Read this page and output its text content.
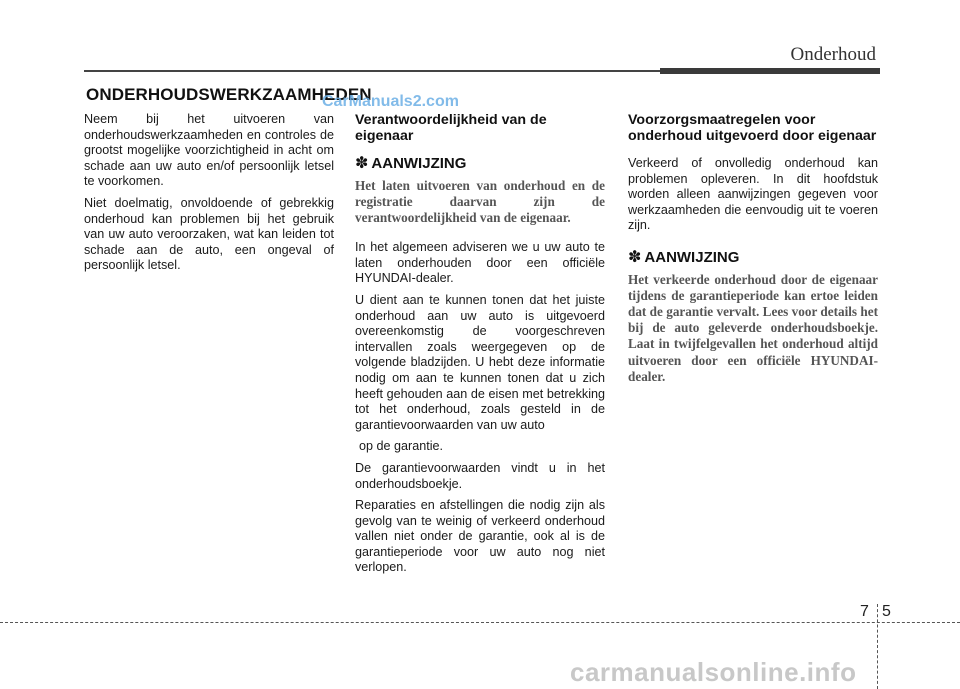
Onderhoud
ONDERHOUDSWERKZAAMHEDEN
CarManuals2.com

Neem bij het uitvoeren van onderhoudswerkzaamheden en controles de grootst mogelijke voorzichtigheid in acht om schade aan uw auto en/of persoonlijk letsel te voorkomen.

Niet doelmatig, onvoldoende of gebrekkig onderhoud kan problemen bij het gebruik van uw auto veroorzaken, wat kan leiden tot schade aan de auto, een ongeval of persoonlijk letsel.

Verantwoordelijkheid van de eigenaar
✽ AANWIJZING
Het laten uitvoeren van onderhoud en de registratie daarvan zijn de verantwoordelijkheid van de eigenaar.

In het algemeen adviseren we u uw auto te laten onderhouden door een officiële HYUNDAI-dealer.

U dient aan te kunnen tonen dat het juiste onderhoud aan uw auto is uitgevoerd overeenkomstig de voorgeschreven intervallen zoals weergegeven op de volgende bladzijden. U hebt deze informatie nodig om aan te kunnen tonen dat u zich heeft gehouden aan de eisen met betrekking tot het onderhoud, zoals gesteld in de garantievoorwaarden van uw auto

op de garantie.

De garantievoorwaarden vindt u in het onderhoudsboekje.

Reparaties en afstellingen die nodig zijn als gevolg van te weinig of verkeerd onderhoud vallen niet onder de garantie, ook al is de garantieperiode voor uw auto nog niet verlopen.

Voorzorgsmaatregelen voor onderhoud uitgevoerd door eigenaar

Verkeerd of onvolledig onderhoud kan problemen opleveren. In dit hoofdstuk worden alleen aanwijzingen gegeven voor werkzaamheden die eenvoudig uit te voeren zijn.

✽ AANWIJZING
Het verkeerde onderhoud door de eigenaar tijdens de garantieperiode kan ertoe leiden dat de garantie vervalt. Lees voor details het bij de auto geleverde onderhoudsboekje. Laat in twijfelgevallen het onderhoud altijd uitvoeren door een officiële HYUNDAI-dealer.
7 5
carmanualsonline.info
